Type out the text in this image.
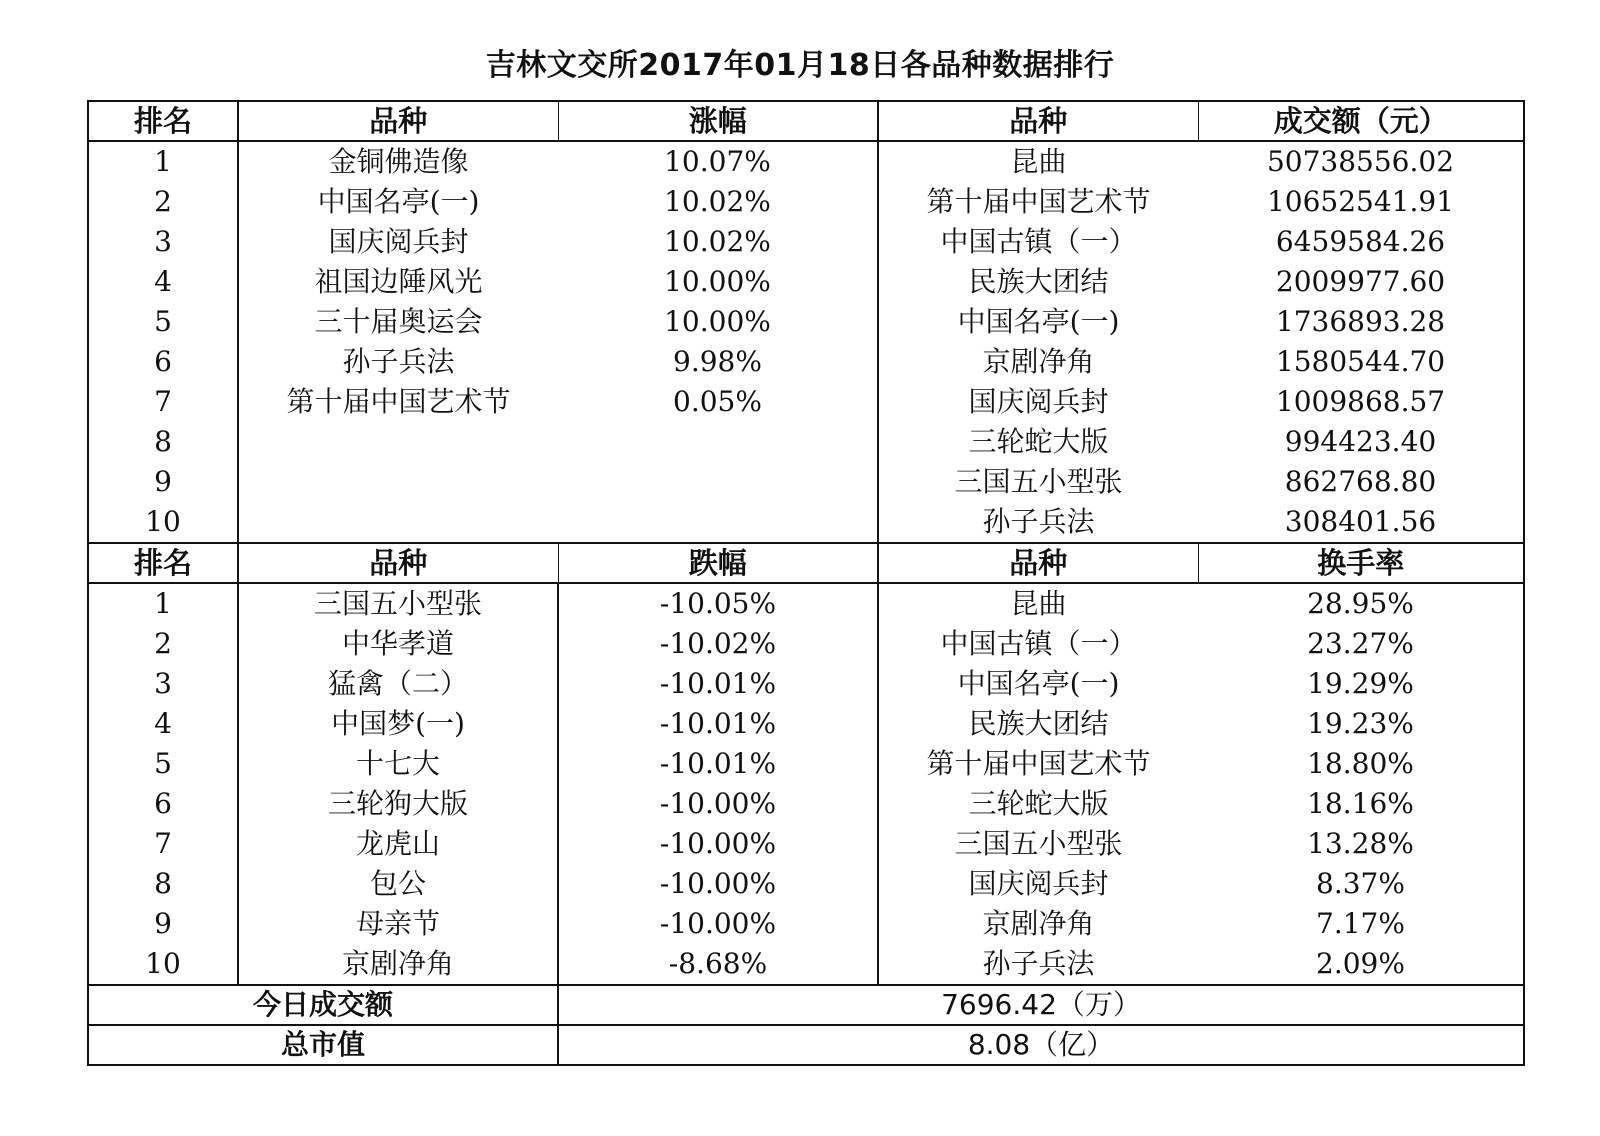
吉林文交所2017年01月18日各品种数据排行
排名	品种	涨幅	品种	成交额（元）
1	金铜佛造像	10.07%	昆曲	50738556.02
2	中国名亭(一)	10.02%	第十届中国艺术节	10652541.91
3	国庆阅兵封	10.02%	中国古镇（一）	6459584.26
4	祖国边陲风光	10.00%	民族大团结	2009977.60
5	三十届奥运会	10.00%	中国名亭(一)	1736893.28
6	孙子兵法	9.98%	京剧净角	1580544.70
7	第十届中国艺术节	0.05%	国庆阅兵封	1009868.57
8			三轮蛇大版	994423.40
9			三国五小型张	862768.80
10			孙子兵法	308401.56
排名	品种	跌幅	品种	换手率
1	三国五小型张	-10.05%	昆曲	28.95%
2	中华孝道	-10.02%	中国古镇（一）	23.27%
3	猛禽（二）	-10.01%	中国名亭(一)	19.29%
4	中国梦(一)	-10.01%	民族大团结	19.23%
5	十七大	-10.01%	第十届中国艺术节	18.80%
6	三轮狗大版	-10.00%	三轮蛇大版	18.16%
7	龙虎山	-10.00%	三国五小型张	13.28%
8	包公	-10.00%	国庆阅兵封	8.37%
9	母亲节	-10.00%	京剧净角	7.17%
10	京剧净角	-8.68%	孙子兵法	2.09%
今日成交额		7696.42（万）		
总市值		8.08（亿）		
